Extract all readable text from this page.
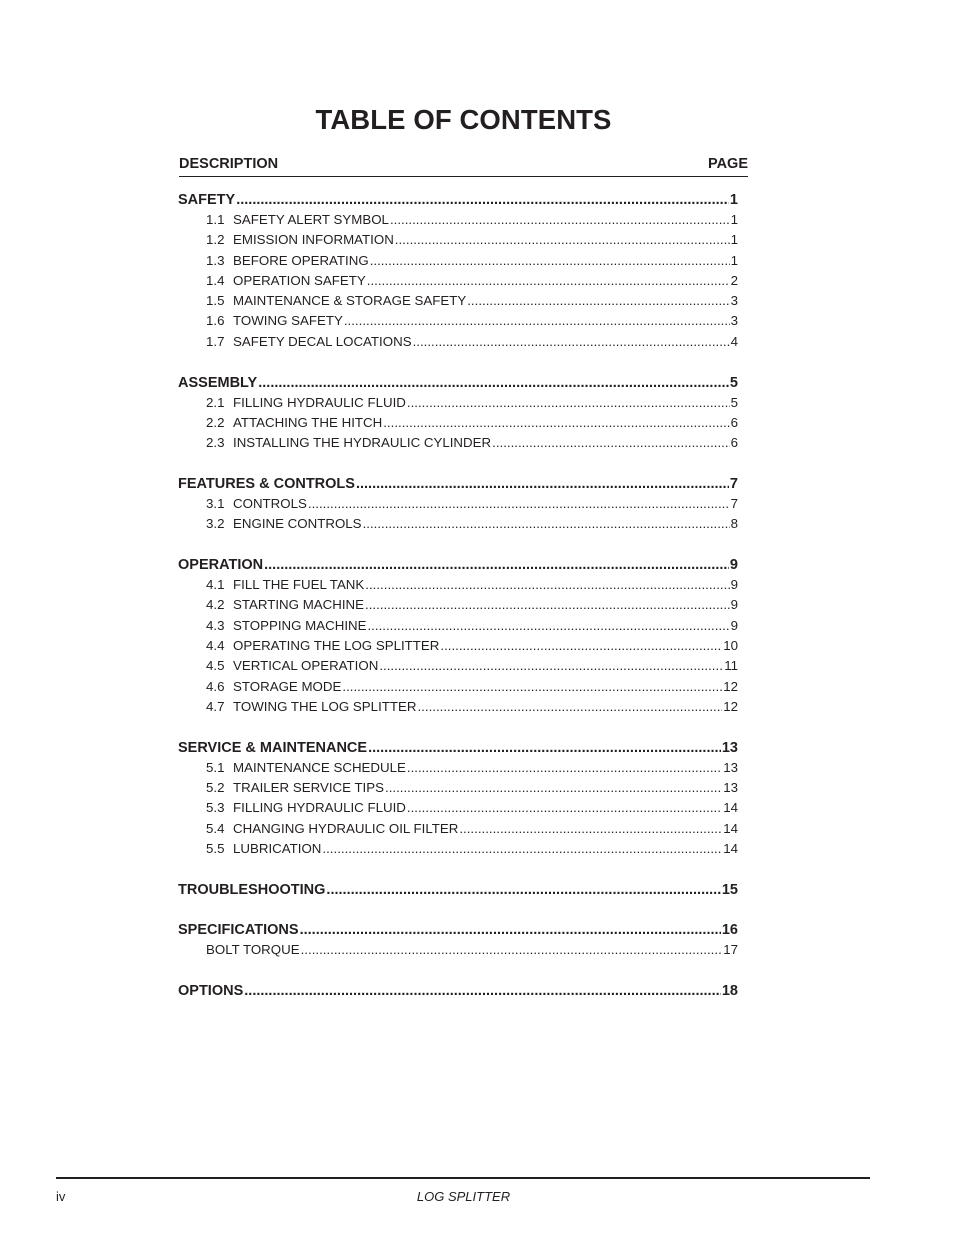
TABLE OF CONTENTS
DESCRIPTION	PAGE
SAFETY .....	1
1.1 SAFETY ALERT SYMBOL .....	1
1.2 EMISSION INFORMATION .....	1
1.3 BEFORE OPERATING .....	1
1.4 OPERATION SAFETY .....	2
1.5 MAINTENANCE & STORAGE SAFETY .....	3
1.6 TOWING SAFETY .....	3
1.7 SAFETY DECAL LOCATIONS .....	4
ASSEMBLY .....	5
2.1 FILLING HYDRAULIC FLUID .....	5
2.2 ATTACHING THE HITCH .....	6
2.3 INSTALLING THE HYDRAULIC CYLINDER .....	6
FEATURES & CONTROLS .....	7
3.1 CONTROLS .....	7
3.2 ENGINE CONTROLS .....	8
OPERATION .....	9
4.1 FILL THE FUEL TANK .....	9
4.2 STARTING MACHINE .....	9
4.3 STOPPING MACHINE .....	9
4.4 OPERATING THE LOG SPLITTER .....	10
4.5 VERTICAL OPERATION .....	11
4.6 STORAGE MODE .....	12
4.7 TOWING THE LOG SPLITTER .....	12
SERVICE & MAINTENANCE .....	13
5.1 MAINTENANCE SCHEDULE .....	13
5.2 TRAILER SERVICE TIPS .....	13
5.3 FILLING HYDRAULIC FLUID .....	14
5.4 CHANGING HYDRAULIC OIL FILTER .....	14
5.5 LUBRICATION .....	14
TROUBLESHOOTING .....	15
SPECIFICATIONS .....	16
BOLT TORQUE .....	17
OPTIONS .....	18
iv	LOG SPLITTER
